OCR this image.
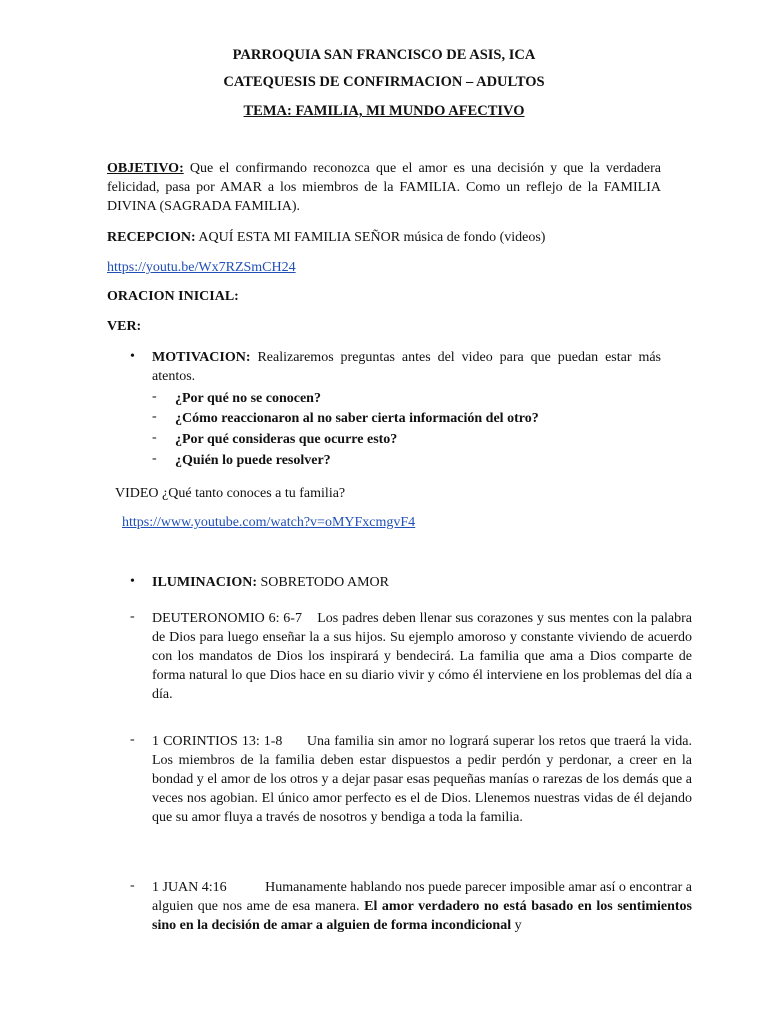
PARROQUIA SAN FRANCISCO DE ASIS, ICA
CATEQUESIS DE CONFIRMACION – ADULTOS
TEMA: FAMILIA, MI MUNDO AFECTIVO
OBJETIVO: Que el confirmando reconozca que el amor es una decisión y que la verdadera felicidad, pasa por AMAR a los miembros de la FAMILIA. Como un reflejo de la FAMILIA DIVINA (SAGRADA FAMILIA).
RECEPCION: AQUÍ ESTA MI FAMILIA SEÑOR música de fondo (videos)
https://youtu.be/Wx7RZSmCH24
ORACION INICIAL:
VER:
•	MOTIVACION: Realizaremos preguntas antes del video para que puedan estar más atentos.
-	¿Por qué no se conocen?
-	¿Cómo reaccionaron al no saber cierta información del otro?
-	¿Por qué consideras que ocurre esto?
-	¿Quién lo puede resolver?
VIDEO ¿Qué tanto conoces a tu familia?
https://www.youtube.com/watch?v=oMYFxcmgvF4
•	ILUMINACION: SOBRETODO AMOR
-	DEUTERONOMIO 6: 6-7 Los padres deben llenar sus corazones y sus mentes con la palabra de Dios para luego enseñar la a sus hijos. Su ejemplo amoroso y constante viviendo de acuerdo con los mandatos de Dios los inspirará y bendecirá. La familia que ama a Dios comparte de forma natural lo que Dios hace en su diario vivir y cómo él interviene en los problemas del día a día.
-	1 CORINTIOS 13: 1-8 Una familia sin amor no logrará superar los retos que traerá la vida. Los miembros de la familia deben estar dispuestos a pedir perdón y perdonar, a creer en la bondad y el amor de los otros y a dejar pasar esas pequeñas manías o rarezas de los demás que a veces nos agobian. El único amor perfecto es el de Dios. Llenemos nuestras vidas de él dejando que su amor fluya a través de nosotros y bendiga a toda la familia.
-	1 JUAN 4:16	Humanamente hablando nos puede parecer imposible amar así o encontrar a alguien que nos ame de esa manera. El amor verdadero no está basado en los sentimientos sino en la decisión de amar a alguien de forma incondicional y
